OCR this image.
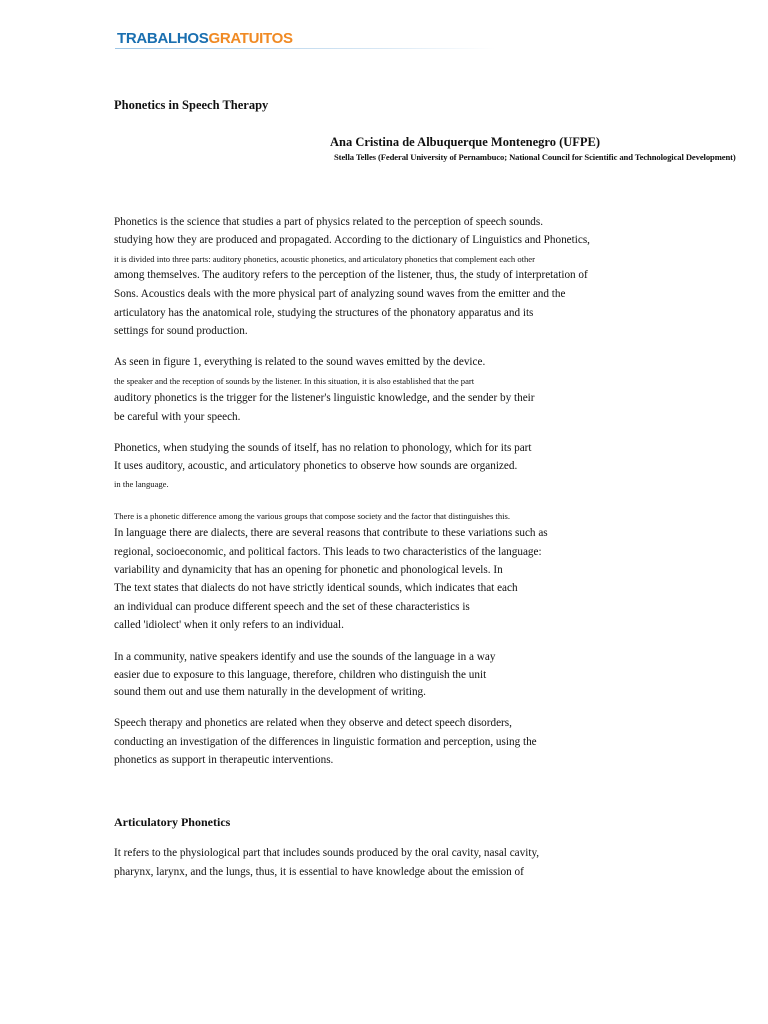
TRABALHOSGRATUITOS
Phonetics in Speech Therapy
Ana Cristina de Albuquerque Montenegro (UFPE)
Stella Telles (Federal University of Pernambuco; National Council for Scientific and Technological Development)
Phonetics is the science that studies a part of physics related to the perception of speech sounds.
studying how they are produced and propagated. According to the dictionary of Linguistics and Phonetics,
it is divided into three parts: auditory phonetics, acoustic phonetics, and articulatory phonetics that complement each other
among themselves. The auditory refers to the perception of the listener, thus, the study of interpretation of
Sons. Acoustics deals with the more physical part of analyzing sound waves from the emitter and the
articulatory has the anatomical role, studying the structures of the phonatory apparatus and its
settings for sound production.
As seen in figure 1, everything is related to the sound waves emitted by the device.
the speaker and the reception of sounds by the listener. In this situation, it is also established that the part
auditory phonetics is the trigger for the listener's linguistic knowledge, and the sender by their
be careful with your speech.
Phonetics, when studying the sounds of itself, has no relation to phonology, which for its part
It uses auditory, acoustic, and articulatory phonetics to observe how sounds are organized.
in the language.
There is a phonetic difference among the various groups that compose society and the factor that distinguishes this.
In language there are dialects, there are several reasons that contribute to these variations such as
regional, socioeconomic, and political factors. This leads to two characteristics of the language:
variability and dynamicity that has an opening for phonetic and phonological levels. In
The text states that dialects do not have strictly identical sounds, which indicates that each
an individual can produce different speech and the set of these characteristics is
called 'idiolect' when it only refers to an individual.
In a community, native speakers identify and use the sounds of the language in a way
easier due to exposure to this language, therefore, children who distinguish the unit
sound them out and use them naturally in the development of writing.
Speech therapy and phonetics are related when they observe and detect speech disorders,
conducting an investigation of the differences in linguistic formation and perception, using the
phonetics as support in therapeutic interventions.
Articulatory Phonetics
It refers to the physiological part that includes sounds produced by the oral cavity, nasal cavity,
pharynx, larynx, and the lungs, thus, it is essential to have knowledge about the emission of
